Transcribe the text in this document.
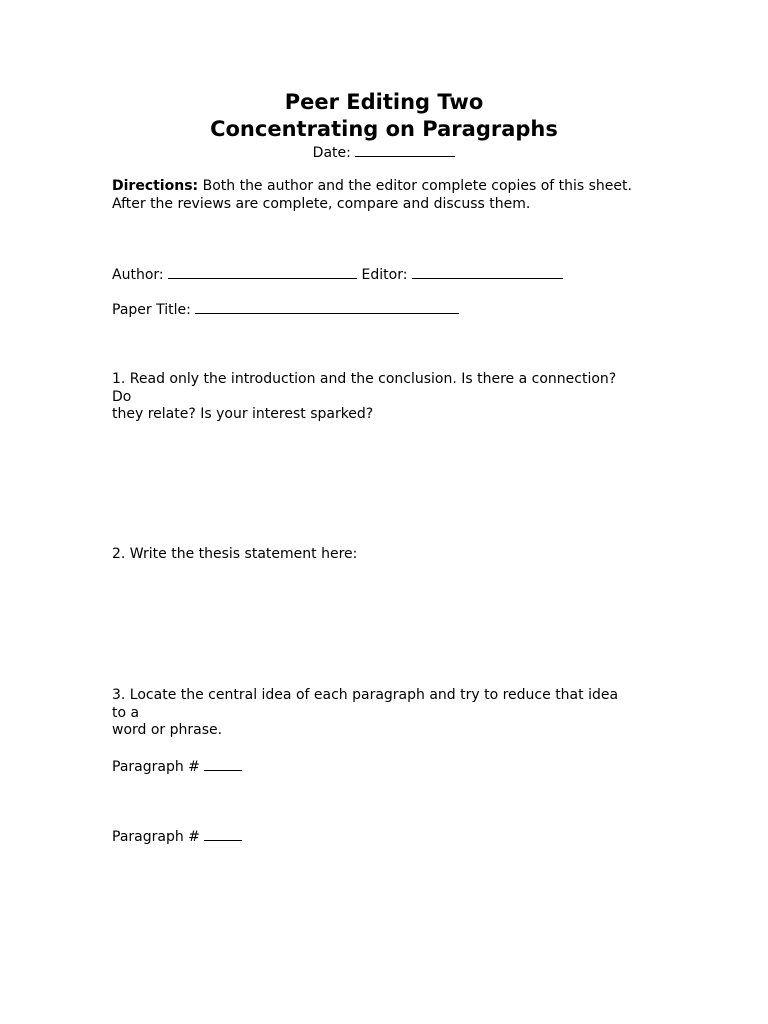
Peer Editing Two
Concentrating on Paragraphs
Date:

Directions: Both the author and the editor complete copies of this sheet. After the reviews are complete, compare and discuss them.

Author:	Editor:
Paper Title:
1. Read only the introduction and the conclusion. Is there a connection? Do
they relate? Is your interest sparked?
2. Write the thesis statement here:
3. Locate the central idea of each paragraph and try to reduce that idea to a
word or phrase.
Paragraph #
Paragraph #
